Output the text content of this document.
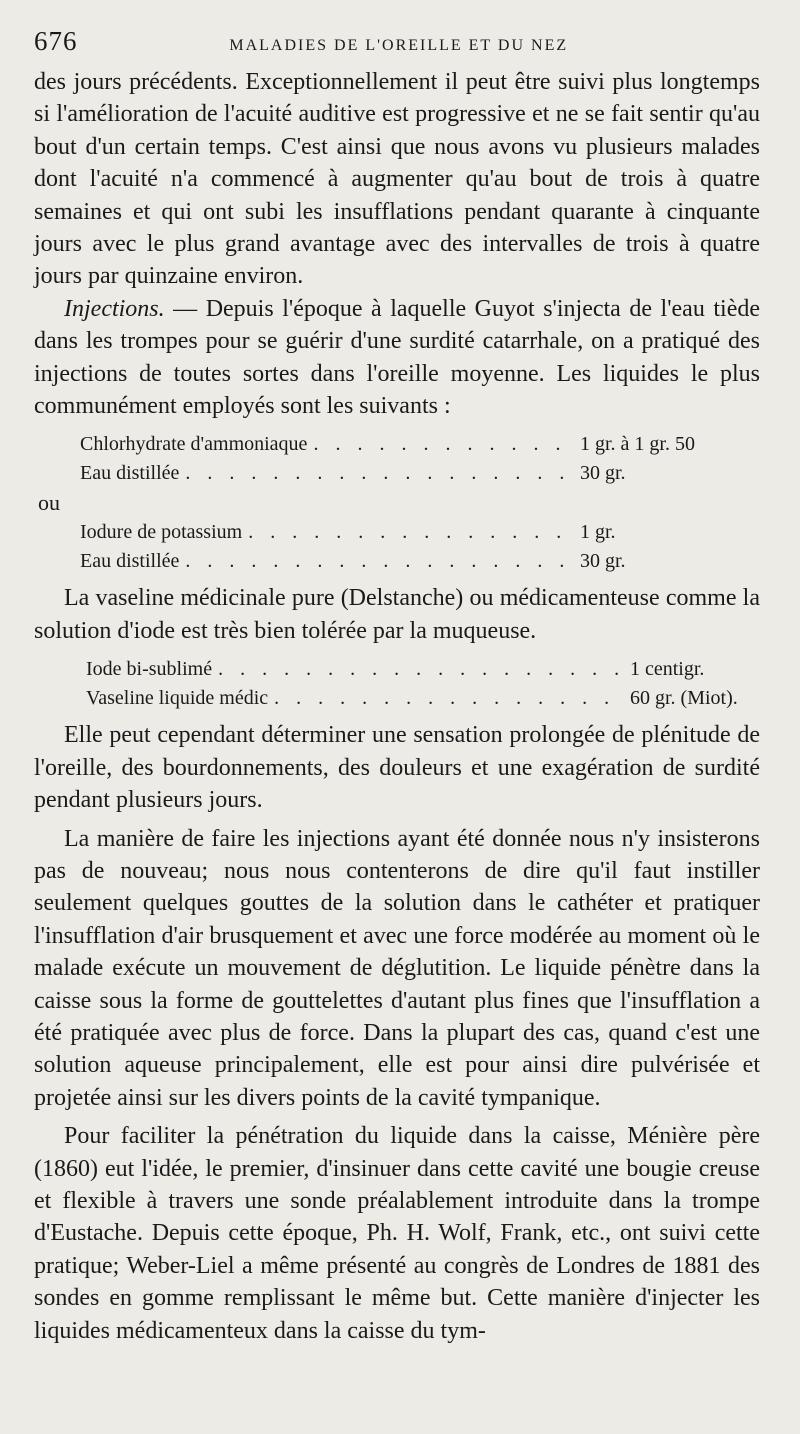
676	MALADIES DE L'OREILLE ET DU NEZ

des jours précédents. Exceptionnellement il peut être suivi plus longtemps si l'amélioration de l'acuité auditive est progressive et ne se fait sentir qu'au bout d'un certain temps. C'est ainsi que nous avons vu plusieurs malades dont l'acuité n'a commencé à augmenter qu'au bout de trois à quatre semaines et qui ont subi les insufflations pendant quarante à cinquante jours avec le plus grand avantage avec des intervalles de trois à quatre jours par quinzaine environ.

Injections. — Depuis l'époque à laquelle Guyot s'injecta de l'eau tiède dans les trompes pour se guérir d'une surdité catarrhale, on a pratiqué des injections de toutes sortes dans l'oreille moyenne. Les liquides le plus communément employés sont les suivants :

Chlorhydrate d'ammoniaque . . .	1 gr. à 1 gr. 50
Eau distillée . . .	30 gr.
ou
Iodure de potassium . . .	1 gr.
Eau distillée . . .	30 gr.

La vaseline médicinale pure (Delstanche) ou médicamenteuse comme la solution d'iode est très bien tolérée par la muqueuse.

Iode bi-sublimé . . .	1 centigr.
Vaseline liquide médic . . .	60 gr. (Miot).

Elle peut cependant déterminer une sensation prolongée de plénitude de l'oreille, des bourdonnements, des douleurs et une exagération de surdité pendant plusieurs jours.

La manière de faire les injections ayant été donnée nous n'y insisterons pas de nouveau; nous nous contenterons de dire qu'il faut instiller seulement quelques gouttes de la solution dans le cathéter et pratiquer l'insufflation d'air brusquement et avec une force modérée au moment où le malade exécute un mouvement de déglutition. Le liquide pénètre dans la caisse sous la forme de gouttelettes d'autant plus fines que l'insufflation a été pratiquée avec plus de force. Dans la plupart des cas, quand c'est une solution aqueuse principalement, elle est pour ainsi dire pulvérisée et projetée ainsi sur les divers points de la cavité tympanique.

Pour faciliter la pénétration du liquide dans la caisse, Ménière père (1860) eut l'idée, le premier, d'insinuer dans cette cavité une bougie creuse et flexible à travers une sonde préalablement introduite dans la trompe d'Eustache. Depuis cette époque, Ph. H. Wolf, Frank, etc., ont suivi cette pratique; Weber-Liel a même présenté au congrès de Londres de 1881 des sondes en gomme remplissant le même but. Cette manière d'injecter les liquides médicamenteux dans la caisse du tym-
